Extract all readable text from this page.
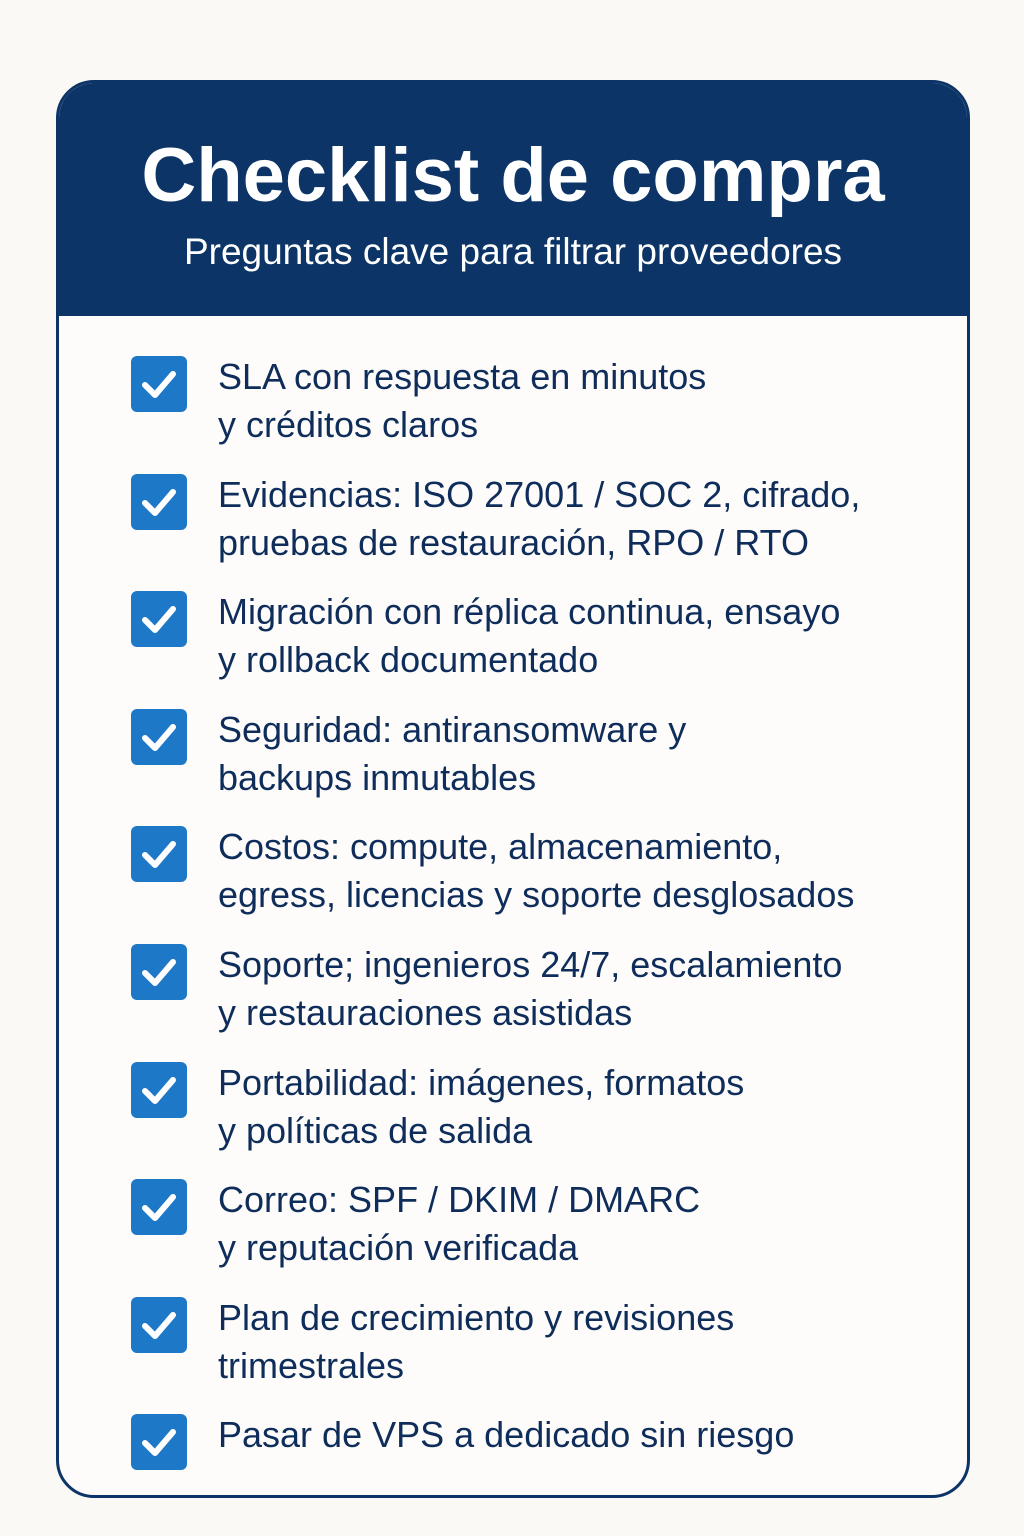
Checklist de compra
Preguntas clave para filtrar proveedores
SLA con respuesta en minutos
y créditos claros
Evidencias: ISO 27001 / SOC 2, cifrado,
pruebas de restauración, RPO / RTO
Migración con réplica continua, ensayo
y rollback documentado
Seguridad: antiransomware y
backups inmutables
Costos: compute, almacenamiento,
egress, licencias y soporte desglosados
Soporte; ingenieros 24/7, escalamiento
y restauraciones asistidas
Portabilidad: imágenes, formatos
y políticas de salida
Correo: SPF / DKIM / DMARC
y reputación verificada
Plan de crecimiento y revisiones
trimestrales
Pasar de VPS a dedicado sin riesgo
